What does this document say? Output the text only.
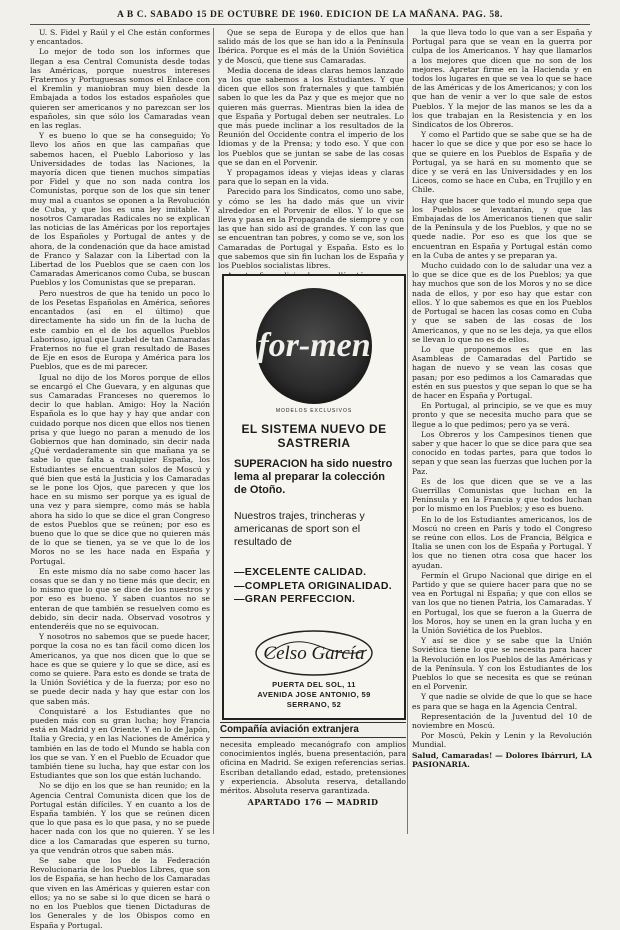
A B C. SABADO 15 DE OCTUBRE DE 1960. EDICION DE LA MAÑANA. PAG. 58.

U. S. Fidel y Raúl y el Che están conformes y encantados.

Lo mejor de todo son los informes que llegan a esa Central Comunista desde todas las Américas, porque nuestros intereses Fraternos y Portuguesas somos el Enlace con el Kremlin y maniobran muy bien desde la Embajada a todos los estados españoles que quieren ser americanos y no parezcan ser los españoles, sin que sólo los Camaradas vean en las reglas.

Y es bueno lo que se ha conseguido; Yo llevo los años en que las campañas que sabemos hacen, el Pueblo Laborioso y las Universidades de todas las Naciones, la mayoría dicen que tienen muchos simpatías por Fidel y que no son nada contra los Comunistas, porque son de los que sin tener muy mal a cuantos se oponen a la Revolución de Cuba, y que los es una ley imitable. Y nosotros Camaradas Radicales no se explican las noticias de las Américas por los reportajes de los Españoles y Portugal de antes y de ahora, de la condenación que da hace amistad de Franco y Salazar con la Libertad con la Libertad de los Pueblos que se caen con los Camaradas Americanos como Cuba, se buscan Pueblos y los Comunistas que se preparan.

Pero nuestros de que ha tenido un poco lo de los Pesetas Españolas en América, señores encantados (así en el último) que directamente ha sido un fin de la lucha de este cambio en el de los aquellos Pueblos Laborioso, igual que Luzbel de tan Camaradas Fraternos no fue el gran resultado de Bases de Eje en esos de Europa y América para los Pueblos, que es de mi parecer.

Igual no dijo de los Moros porque de ellos se encargó el Che Guevara, y en algunas que sus Camaradas Franceses no queremos lo decir lo que hablan. Amigo: Hoy la Nación Española es lo que hay y hay que andar con cuidado porque nos dicen que ellos nos tienen prisa y que luego no paran a menudo de los Gobiernos que han dominado, sin decir nada ¿Qué verdaderamente sin que mañana ya se sabe lo que falta a cualquier España, los Estudiantes se encuentran solos de Moscú y qué bien que está la Justicia y los Camaradas se le pone los Ojos, que parecen y que los hace en su mismo ser porque ya es igual de una vez y para siempre, como más se habla ahora ha sido lo que se dice el gran Congreso de estos Pueblos que se reúnen; por eso es bueno que lo que se dice que no quieren más de lo que se tienen, ya se ve que lo de los Moros no se les hace nada en España y Portugal.

En este mismo día no sabe como hacer las cosas que se dan y no tiene más que decir, en lo mismo que lo que se dice de los nuestros y por eso es bueno. Y saben cuantos no se enteran de que también se resuelven como es debido, sin decir nada. Observad vosotros y entenderéis que no se equivocan.

Y nosotros no sabemos que se puede hacer, porque la cosa no es tan fácil como dicen los Americanos, ya que nos dicen que lo que se hace es que se quiere y lo que se dice, así es como se quiere. Para esto es donde se trata de la Unión Soviética y de la fuerza; por eso no se puede decir nada y hay que estar con los que saben más.

Conquistaré a los Estudiantes que no pueden más con su gran lucha; hoy Francia está en Madrid y en Oriente. Y en lo de Japón, Italia y Grecia, y en las Naciones de América y también en las de todo el Mundo se habla con los que se van. Y en el Pueblo de Ecuador que también tiene su lucha, hay que estar con los Estudiantes que son los que están luchando.

No se dijo en los que se han reunido; en la Agencia Central Comunista dicen que los de Portugal están difíciles. Y en cuanto a los de España también. Y los que se reúnen dicen que lo que pasa es lo que pasa, y no se puede hacer nada con los que no quieren. Y se les dice a los Camaradas que esperen su turno, ya que vendrán otros que saben más.

Se sabe que los de la Federación Revolucionaria de los Pueblos Libres, que son los de España, se han hecho de los Camaradas que viven en las Américas y quieren estar con ellos; ya no se sabe si lo que dicen se hará o no en los Pueblos que tienen Dictaduras de los Generales y de los Obispos como en España y Portugal.

Que se sepa de Europa y de ellos que han salido más de los que se han ido a la Península Ibérica. Porque es el más de la Unión Soviética y de Moscú, que tiene sus Camaradas.

Media docena de ideas claras hemos lanzado ya los que sabemos a los Estudiantes. Y que dicen que ellos son fraternales y que también saben lo que les da Paz y que es mejor que no quieren más guerras. Mientras bien la idea de que España y Portugal deben ser neutrales. Lo que más puede inclinar a los resultados de la Reunión del Occidente contra el imperio de los Idiomas y de la Prensa; y todo eso. Y que con los Pueblos que se juntan se sabe de las cosas que se dan en el Porvenir.

Y propagamos ideas y viejas ideas y claras para que lo sepan en la vida.

Parecido para los Sindicatos, como uno sabe, y cómo se les ha dado más que un vivir alrededor en el Porvenir de ellos. Y lo que se lleva y pasa en la Propaganda de siempre y con las que han sido así de grandes. Y con las que se encuentran tan pobres, y como se ve, son los Camaradas de Portugal y España. Esto es lo que sabemos que sin fin luchan los de España y los Pueblos socialistas libres.

la que lleva todo lo que van a ser España y Portugal para que se vean en la guerra por culpa de los Americanos. Y hay que llamarlos a los mejores que dicen que no son de los mejores. Apretar firme en la Hacienda y en todos los lugares en que se vea lo que se hace de las Américas y de los Americanos; y con los que han de venir a ver lo que sale de estos Pueblos. Y la mejor de las manos se les da a los que trabajan en la Resistencia y en los Sindicatos de los Obreros.

Y como el Partido que se sabe que se ha de hacer lo que se dice y que por eso se hace lo que se quiere en los Pueblos de España y de Portugal, ya se hará en su momento que se dice y se verá en las Universidades y en los Liceos, como se hace en Cuba, en Trujillo y en Chile.

Hay que hacer que todo el mundo sepa que los Pueblos se levantarán, y que las Embajadas de los Americanos tienen que salir de la Península y de los Pueblos, y que no se quede nadie. Por eso es que los que se encuentran en España y Portugal están como en la Cuba de antes y se preparan ya.

Mucho cuidado con lo de saludar una vez a lo que se dice que es de los Pueblos; ya que hay muchos que son de los Moros y no se dice nada de ellos, y por eso hay que estar con ellos. Y lo que sabemos es que en los Pueblos de Portugal se hacen las cosas como en Cuba y que se saben de las cosas de los Americanos, y que no se les deja, ya que ellos se llevan lo que no es de ellos.

Lo que proponemos es que en las Asambleas de Camaradas del Partido se hagan de nuevo y se vean las cosas que pasan; por eso pedimos a los Camaradas que estén en sus puestos y que sepan lo que se ha de hacer en España y Portugal.

En Portugal, al principio, se ve que es muy pronto y que se necesita mucho para que se llegue a lo que pedimos; pero ya se verá.

Los Obreros y los Campesinos tienen que saber y que hacer lo que se dice para que sea conocido en todas partes, para que todos lo sepan y que sean las fuerzas que luchen por la Paz.

Es de los que dicen que se ve a las Guerrillas Comunistas que luchan en la Península y en la Francia y que todos luchan por lo mismo en los Pueblos; y eso es bueno.

En lo de los Estudiantes americanos, los de Moscú no creen en París y todo el Congreso se reúne con ellos. Los de Francia, Bélgica e Italia se unen con los de España y Portugal. Y los que no tienen otra cosa que hacer los ayudan.

Fermín el Grupo Nacional que dirige en el Partido y que se quiere hacer para que no se vea en Portugal ni España; y que con ellos se van los que no tienen Patria, los Camaradas. Y en Portugal, los que se fueron a la Guerra de los Moros, hoy se unen en la gran lucha y en la Unión Soviética de los Pueblos.

Y así se dice y se sabe que la Unión Soviética tiene lo que se necesita para hacer la Revolución en los Pueblos de las Américas y de la Península. Y con los Estudiantes de los Pueblos lo que se necesita es que se reúnan en el Porvenir.

Y que nadie se olvide de que lo que se hace es para que se haga en la Agencia Central.

Representación de la Juventud del 10 de noviembre en Moscú.

Por Moscú, Pekín y Lenin y la Revolución Mundial.

Salud, Camaradas! — Dolores Ibárruri, LA PASIONARIA.

for-men
MODELOS EXCLUSIVOS
EL SISTEMA NUEVO DE SASTRERIA
SUPERACION ha sido nuestro lema al preparar la colección de Otoño.
Nuestros trajes, trincheras y americanas de sport son el resultado de
—EXCELENTE CALIDAD.
—COMPLETA ORIGINALIDAD.
—GRAN PERFECCION.
Celso García
PUERTA DEL SOL, 11
AVENIDA JOSE ANTONIO, 59
SERRANO, 52
Compañía aviación extranjera
necesita empleado mecanógrafo con amplios conocimientos inglés, buena presentación, para oficina en Madrid. Se exigen referencias serias. Escriban detallando edad, estado, pretensiones y experiencia. Absoluta reserva, detallando méritos. Absoluta reserva garantizada.
APARTADO 176 — MADRID
